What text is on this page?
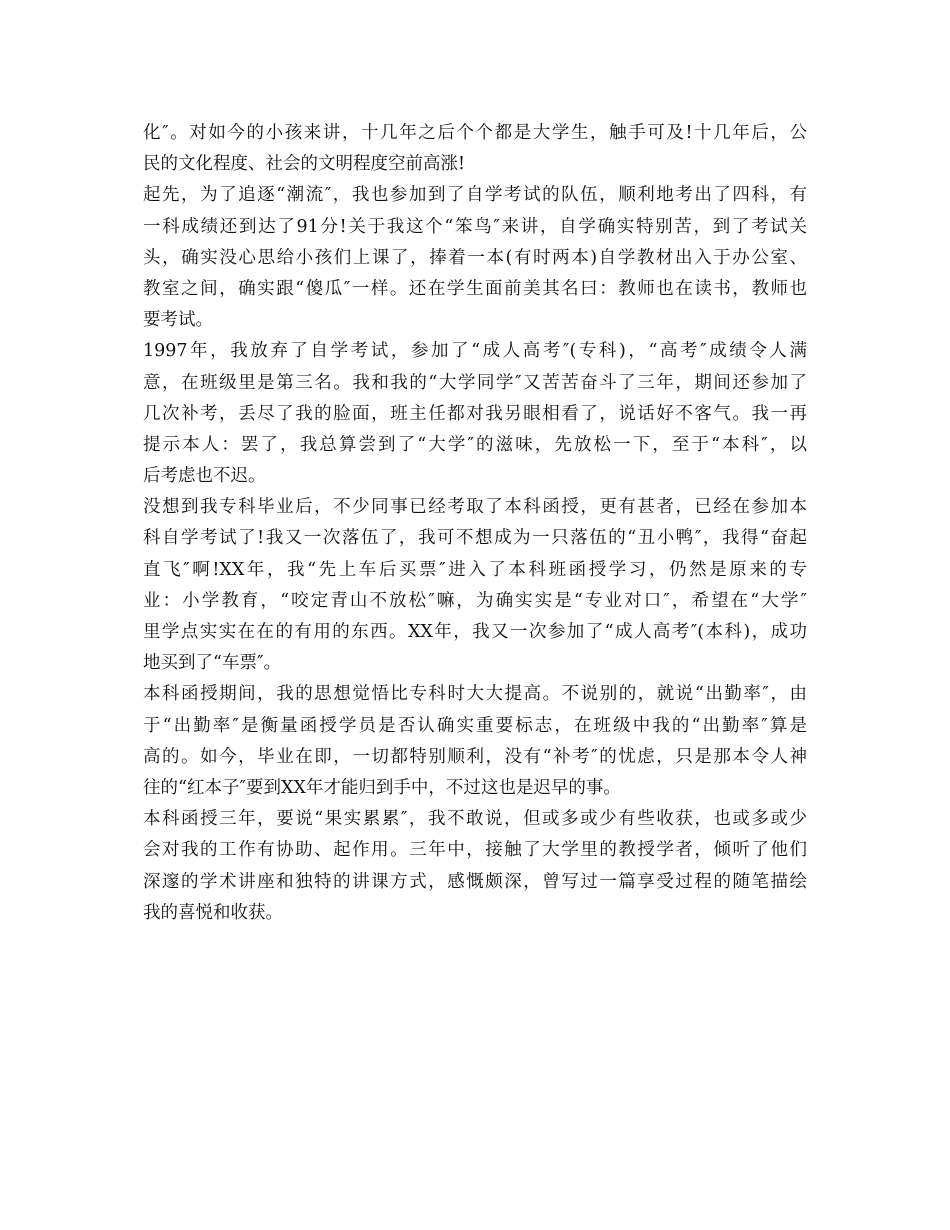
化″。对如今的小孩来讲，十几年之后个个都是大学生，触手可及!十几年后，公
民的文化程度、社会的文明程度空前高涨!
起先，为了追逐“潮流″，我也参加到了自学考试的队伍，顺利地考出了四科，有
一科成绩还到达了91分!关于我这个“笨鸟″来讲，自学确实特别苦，到了考试关
头，确实没心思给小孩们上课了，捧着一本(有时两本)自学教材出入于办公室、
教室之间，确实跟“傻瓜″一样。还在学生面前美其名曰：教师也在读书，教师也
要考试。
1997年，我放弃了自学考试，参加了“成人高考″(专科)，“高考″成绩令人满
意，在班级里是第三名。我和我的“大学同学″又苦苦奋斗了三年，期间还参加了
几次补考，丢尽了我的脸面，班主任都对我另眼相看了，说话好不客气。我一再
提示本人：罢了，我总算尝到了“大学″的滋味，先放松一下，至于“本科″，以
后考虑也不迟。
没想到我专科毕业后，不少同事已经考取了本科函授，更有甚者，已经在参加本
科自学考试了!我又一次落伍了，我可不想成为一只落伍的“丑小鸭″，我得“奋起
直飞″啊!XX年，我“先上车后买票″进入了本科班函授学习，仍然是原来的专
业：小学教育，“咬定青山不放松″嘛，为确实实是“专业对口″，希望在“大学″
里学点实实在在的有用的东西。XX年，我又一次参加了“成人高考″(本科)，成功
地买到了“车票″。
本科函授期间，我的思想觉悟比专科时大大提高。不说别的，就说“出勤率″，由
于“出勤率″是衡量函授学员是否认确实重要标志，在班级中我的“出勤率″算是
高的。如今，毕业在即，一切都特别顺利，没有“补考″的忧虑，只是那本令人神
往的“红本子″要到XX年才能归到手中，不过这也是迟早的事。
本科函授三年，要说“果实累累″，我不敢说，但或多或少有些收获，也或多或少
会对我的工作有协助、起作用。三年中，接触了大学里的教授学者，倾听了他们
深邃的学术讲座和独特的讲课方式，感慨颇深，曾写过一篇享受过程的随笔描绘
我的喜悦和收获。
